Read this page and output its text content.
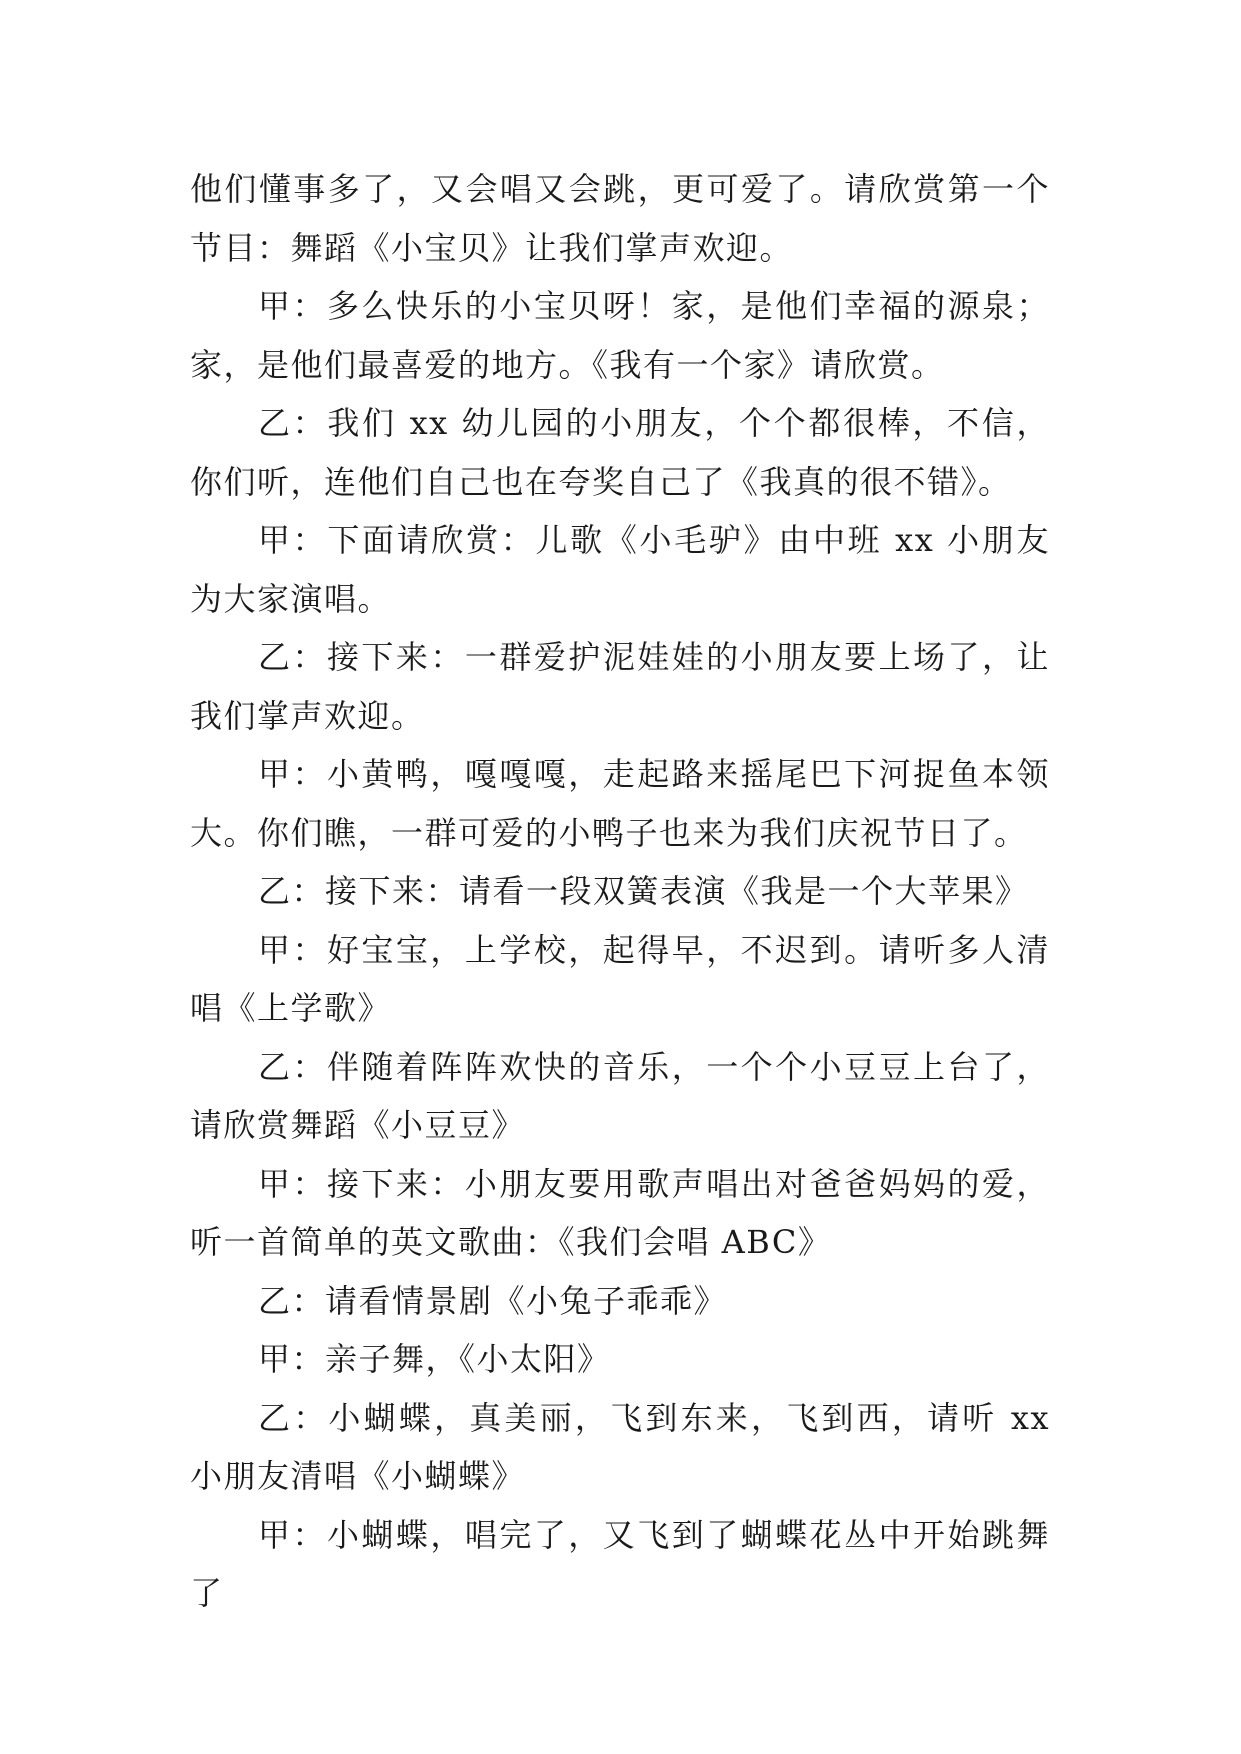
他们懂事多了，又会唱又会跳，更可爱了。请欣赏第一个节目：舞蹈《小宝贝》让我们掌声欢迎。

甲：多么快乐的小宝贝呀！家，是他们幸福的源泉；家，是他们最喜爱的地方。《我有一个家》请欣赏。

乙：我们 xx 幼儿园的小朋友，个个都很棒，不信，你们听，连他们自己也在夸奖自己了《我真的很不错》。

甲：下面请欣赏：儿歌《小毛驴》由中班 xx 小朋友为大家演唱。

乙：接下来：一群爱护泥娃娃的小朋友要上场了，让我们掌声欢迎。

甲：小黄鸭，嘎嘎嘎，走起路来摇尾巴下河捉鱼本领大。你们瞧，一群可爱的小鸭子也来为我们庆祝节日了。

乙：接下来：请看一段双簧表演《我是一个大苹果》

甲：好宝宝，上学校，起得早，不迟到。请听多人清唱《上学歌》

乙：伴随着阵阵欢快的音乐，一个个小豆豆上台了，请欣赏舞蹈《小豆豆》

甲：接下来：小朋友要用歌声唱出对爸爸妈妈的爱，听一首简单的英文歌曲：《我们会唱 ABC》

乙：请看情景剧《小兔子乖乖》

甲：亲子舞，《小太阳》

乙：小蝴蝶，真美丽，飞到东来，飞到西，请听 xx 小朋友清唱《小蝴蝶》

甲：小蝴蝶，唱完了，又飞到了蝴蝶花丛中开始跳舞了
